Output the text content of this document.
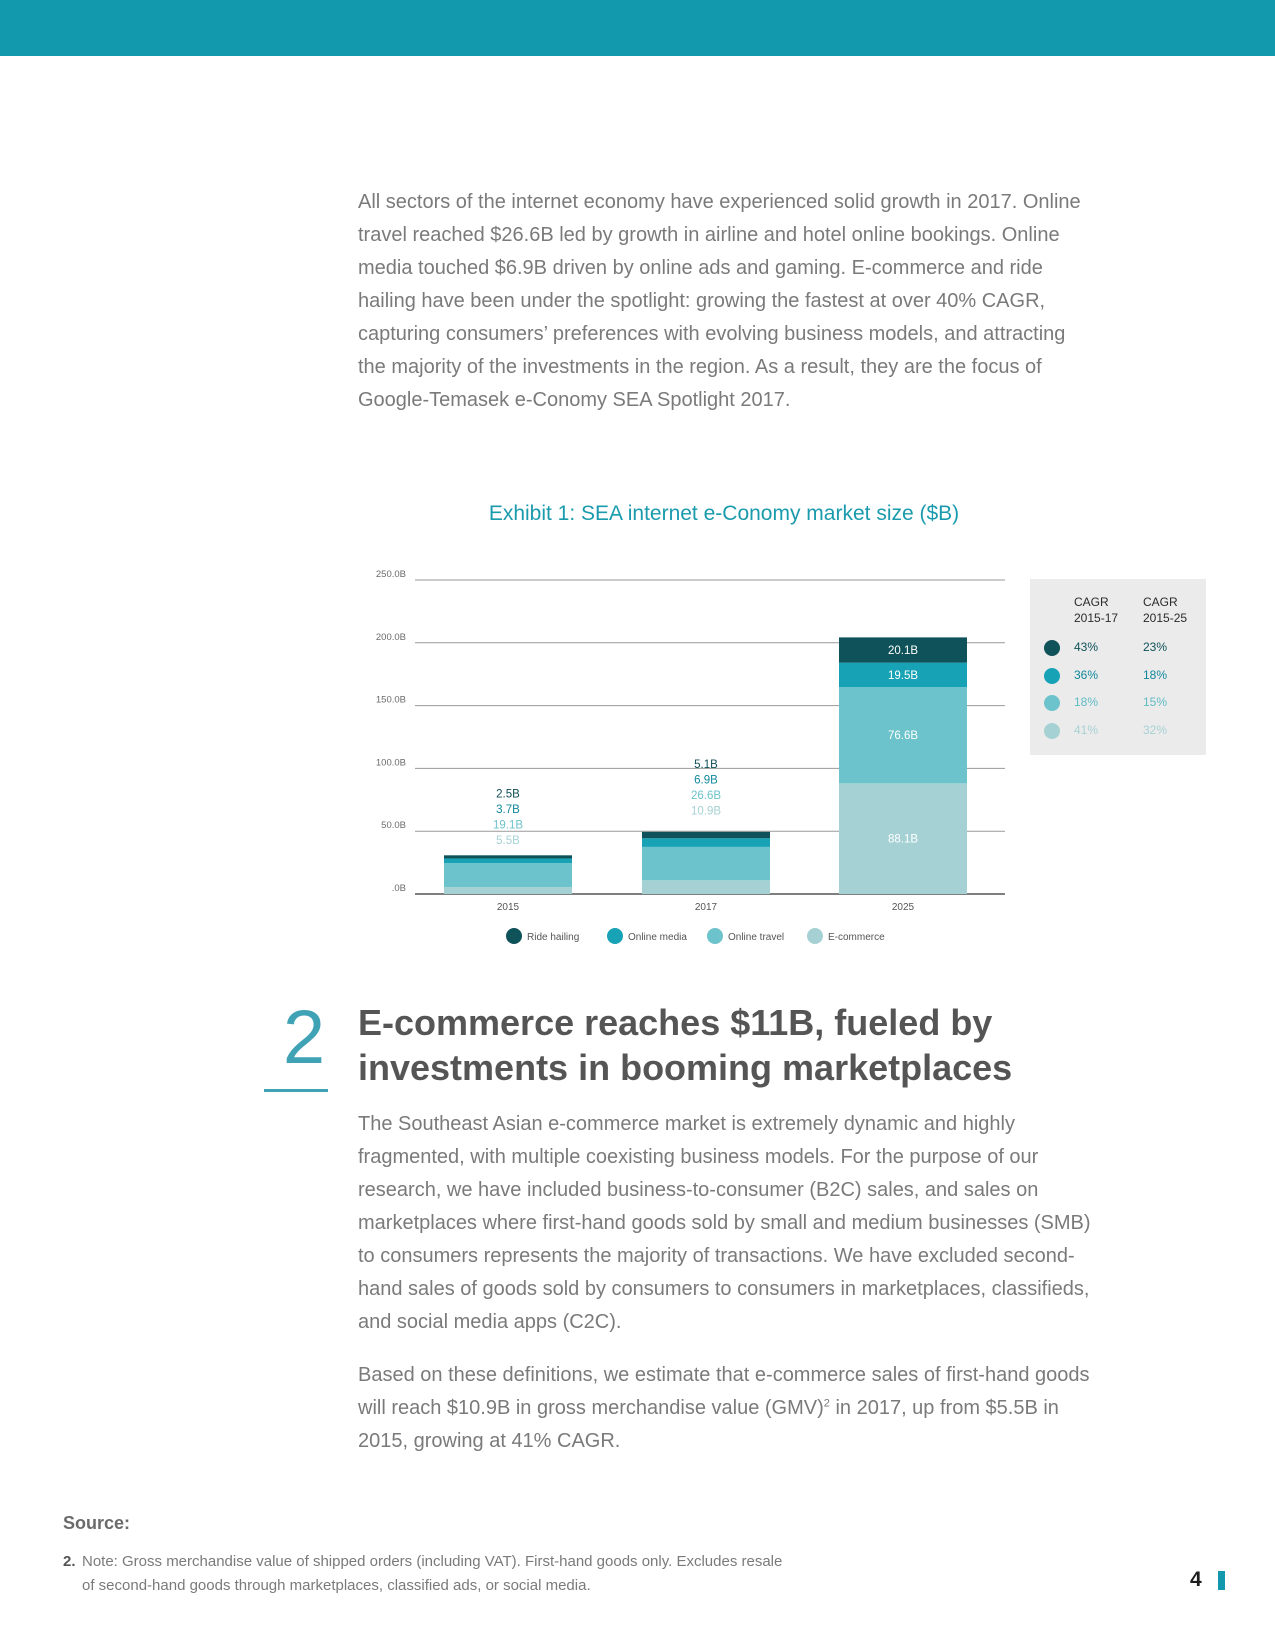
All sectors of the internet economy have experienced solid growth in 2017. Online travel reached $26.6B led by growth in airline and hotel online bookings. Online media touched $6.9B driven by online ads and gaming. E-commerce and ride hailing have been under the spotlight: growing the fastest at over 40% CAGR, capturing consumers’ preferences with evolving business models, and attracting the majority of the investments in the region. As a result, they are the focus of Google-Temasek e-Conomy SEA Spotlight 2017.

Exhibit 1: SEA internet e-Conomy market size ($B)
.0B
50.0B
100.0B
150.0B
200.0B
250.0B
2015
2.5B
3.7B
19.1B
5.5B
2017
5.1B
6.9B
26.6B
10.9B
2025
88.1B
76.6B
19.5B
20.1B
Ride hailing	Online media	Online travel	E-commerce
CAGR
2015-17
CAGR
2015-25
43%	23%
36%	18%
18%	15%
41%	32%
2 E-commerce reaches $11B, fueled by investments in booming marketplaces

The Southeast Asian e-commerce market is extremely dynamic and highly fragmented, with multiple coexisting business models. For the purpose of our research, we have included business-to-consumer (B2C) sales, and sales on marketplaces where first-hand goods sold by small and medium businesses (SMB) to consumers represents the majority of transactions. We have excluded second-hand sales of goods sold by consumers to consumers in marketplaces, classifieds, and social media apps (C2C).

Based on these definitions, we estimate that e-commerce sales of first-hand goods will reach $10.9B in gross merchandise value (GMV)$^2$ in 2017, up from $5.5B in 2015, growing at 41% CAGR.

Source:
2. Note: Gross merchandise value of shipped orders (including VAT). First-hand goods only. Excludes resale
of second-hand goods through marketplaces, classified ads, or social media.	4
